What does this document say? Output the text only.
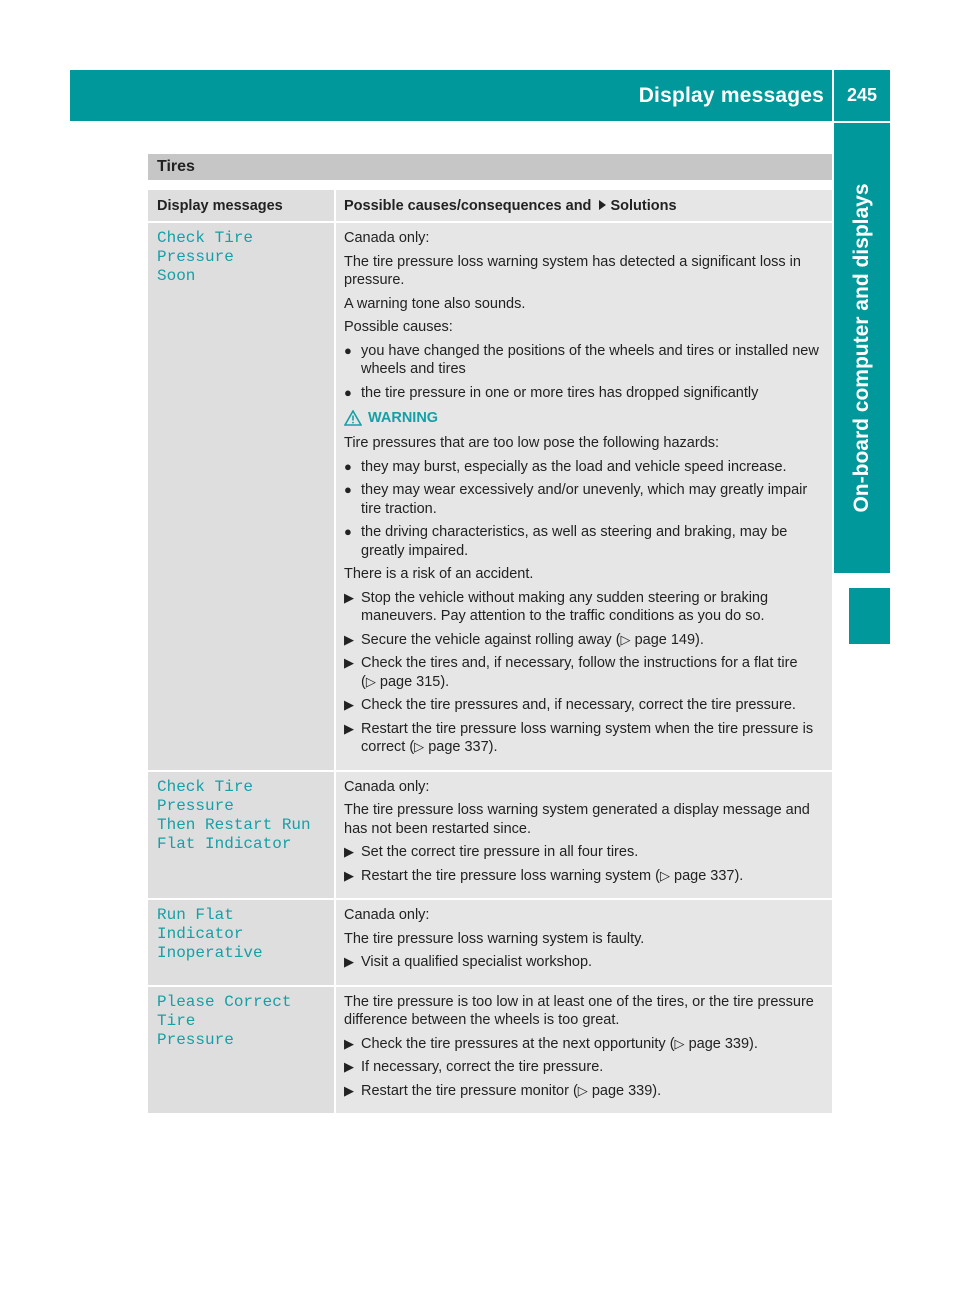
Display messages	245
On-board computer and displays
Tires
Display messages	Possible causes/consequences and Solutions
Check Tire Pressure
Soon

Canada only:

The tire pressure loss warning system has detected a significant loss in pressure.

A warning tone also sounds.

Possible causes:

● you have changed the positions of the wheels and tires or installed new wheels and tires
● the tire pressure in one or more tires has dropped significantly
WARNING

Tire pressures that are too low pose the following hazards:

● they may burst, especially as the load and vehicle speed increase.
● they may wear excessively and/or unevenly, which may greatly impair tire traction.
● the driving characteristics, as well as steering and braking, may be greatly impaired.

There is a risk of an accident.

▶ Stop the vehicle without making any sudden steering or braking maneuvers. Pay attention to the traffic conditions as you do so.
▶ Secure the vehicle against rolling away (▷ page 149).
▶ Check the tires and, if necessary, follow the instructions for a flat tire (▷ page 315).
▶ Check the tire pressures and, if necessary, correct the tire pressure.
▶ Restart the tire pressure loss warning system when the tire pressure is correct (▷ page 337).
Check Tire Pressure
Then Restart Run
Flat Indicator

Canada only:

The tire pressure loss warning system generated a display message and has not been restarted since.

▶ Set the correct tire pressure in all four tires.
▶ Restart the tire pressure loss warning system (▷ page 337).
Run Flat Indicator
Inoperative

Canada only:

The tire pressure loss warning system is faulty.

▶ Visit a qualified specialist workshop.
Please Correct Tire
Pressure

The tire pressure is too low in at least one of the tires, or the tire pressure difference between the wheels is too great.

▶ Check the tire pressures at the next opportunity (▷ page 339).
▶ If necessary, correct the tire pressure.
▶ Restart the tire pressure monitor (▷ page 339).
